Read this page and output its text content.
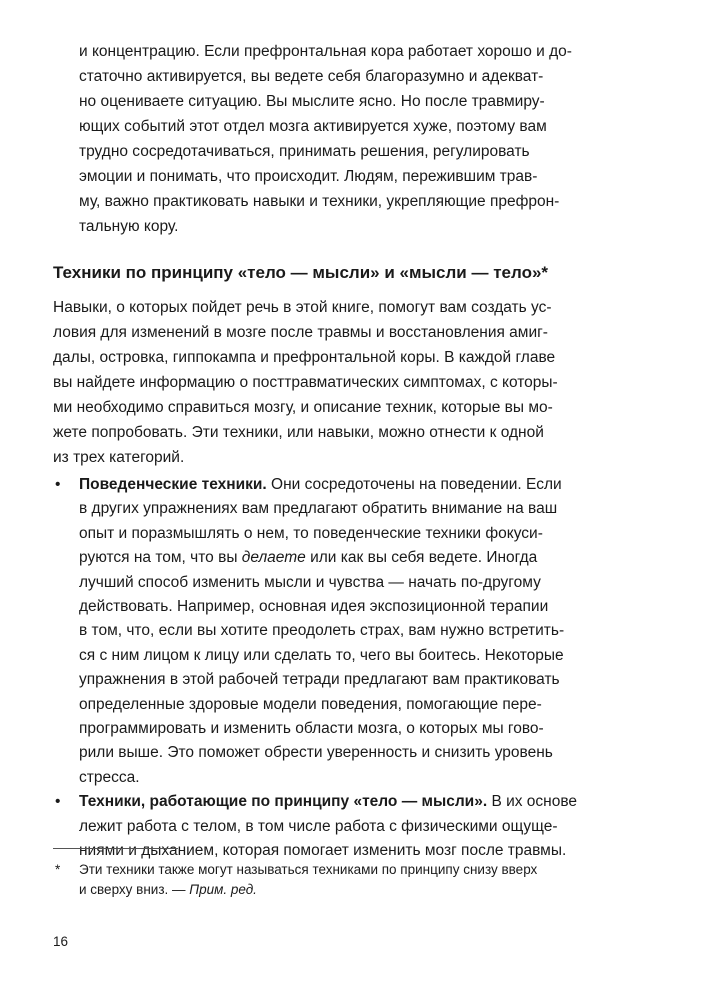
и концентрацию. Если префронтальная кора работает хорошо и до-
статочно активируется, вы ведете себя благоразумно и адекват-
но оцениваете ситуацию. Вы мыслите ясно. Но после травмиру-
ющих событий этот отдел мозга активируется хуже, поэтому вам
трудно сосредотачиваться, принимать решения, регулировать
эмоции и понимать, что происходит. Людям, пережившим трав-
му, важно практиковать навыки и техники, укрепляющие префрон-
тальную кору.
Техники по принципу «тело — мысли» и «мысли — тело»*
Навыки, о которых пойдет речь в этой книге, помогут вам создать ус-
ловия для изменений в мозге после травмы и восстановления амиг-
далы, островка, гиппокампа и префронтальной коры. В каждой главе
вы найдете информацию о посттравматических симптомах, с которы-
ми необходимо справиться мозгу, и описание техник, которые вы мо-
жете попробовать. Эти техники, или навыки, можно отнести к одной
из трех категорий.
• Поведенческие техники. Они сосредоточены на поведении. Если
в других упражнениях вам предлагают обратить внимание на ваш
опыт и поразмышлять о нем, то поведенческие техники фокуси-
руются на том, что вы делаете или как вы себя ведете. Иногда
лучший способ изменить мысли и чувства — начать по-другому
действовать. Например, основная идея экспозиционной терапии
в том, что, если вы хотите преодолеть страх, вам нужно встретить-
ся с ним лицом к лицу или сделать то, чего вы боитесь. Некоторые
упражнения в этой рабочей тетради предлагают вам практиковать
определенные здоровые модели поведения, помогающие пере-
программировать и изменить области мозга, о которых мы гово-
рили выше. Это поможет обрести уверенность и снизить уровень
стресса.
• Техники, работающие по принципу «тело — мысли». В их основе
лежит работа с телом, в том числе работа с физическими ощуще-
ниями и дыханием, которая помогает изменить мозг после травмы.
* Эти техники также могут называться техниками по принципу снизу вверх
и сверху вниз. — Прим. ред.
16
